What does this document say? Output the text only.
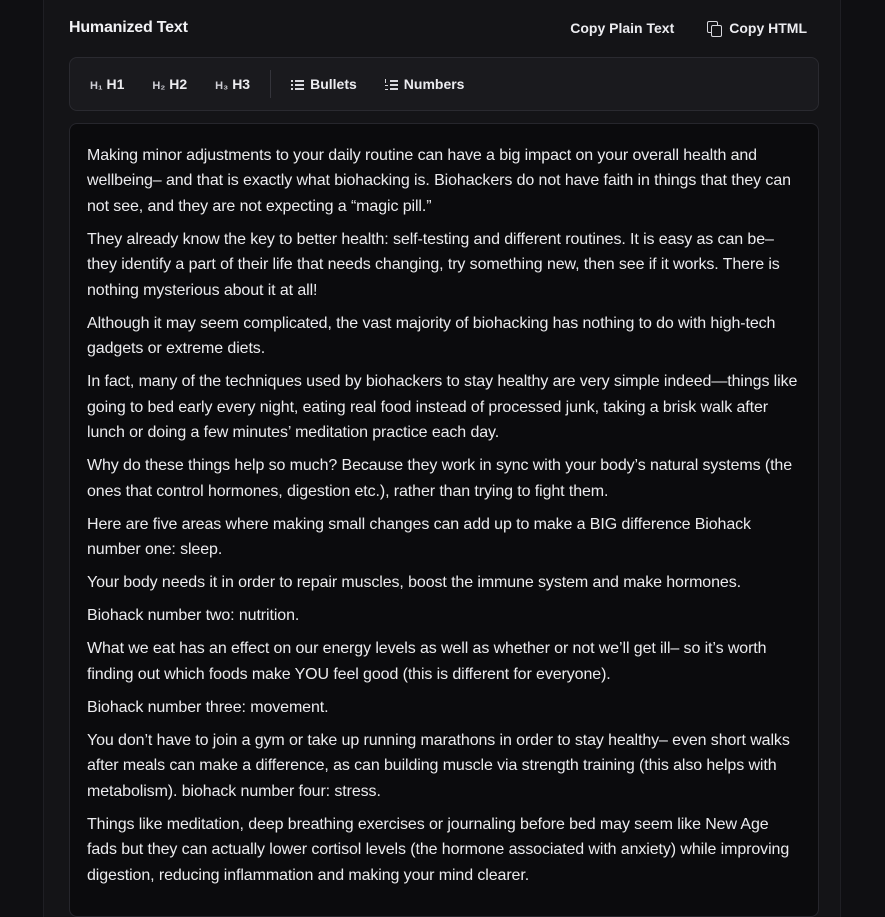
Humanized Text	Copy Plain Text	Copy HTML
H₁ H1	H₂ H2	H₃ H3	Bullets	Numbers

Making minor adjustments to your daily routine can have a big impact on your overall health and wellbeing– and that is exactly what biohacking is. Biohackers do not have faith in things that they can not see, and they are not expecting a “magic pill.”

They already know the key to better health: self-testing and different routines. It is easy as can be– they identify a part of their life that needs changing, try something new, then see if it works. There is nothing mysterious about it at all!

Although it may seem complicated, the vast majority of biohacking has nothing to do with high-tech gadgets or extreme diets.

In fact, many of the techniques used by biohackers to stay healthy are very simple indeed—things like going to bed early every night, eating real food instead of processed junk, taking a brisk walk after lunch or doing a few minutes’ meditation practice each day.

Why do these things help so much? Because they work in sync with your body’s natural systems (the ones that control hormones, digestion etc.), rather than trying to fight them.

Here are five areas where making small changes can add up to make a BIG difference Biohack number one: sleep.

Your body needs it in order to repair muscles, boost the immune system and make hormones.

Biohack number two: nutrition.

What we eat has an effect on our energy levels as well as whether or not we’ll get ill– so it’s worth finding out which foods make YOU feel good (this is different for everyone).

Biohack number three: movement.

You don’t have to join a gym or take up running marathons in order to stay healthy– even short walks after meals can make a difference, as can building muscle via strength training (this also helps with metabolism). biohack number four: stress.

Things like meditation, deep breathing exercises or journaling before bed may seem like New Age fads but they can actually lower cortisol levels (the hormone associated with anxiety) while improving digestion, reducing inflammation and making your mind clearer.
